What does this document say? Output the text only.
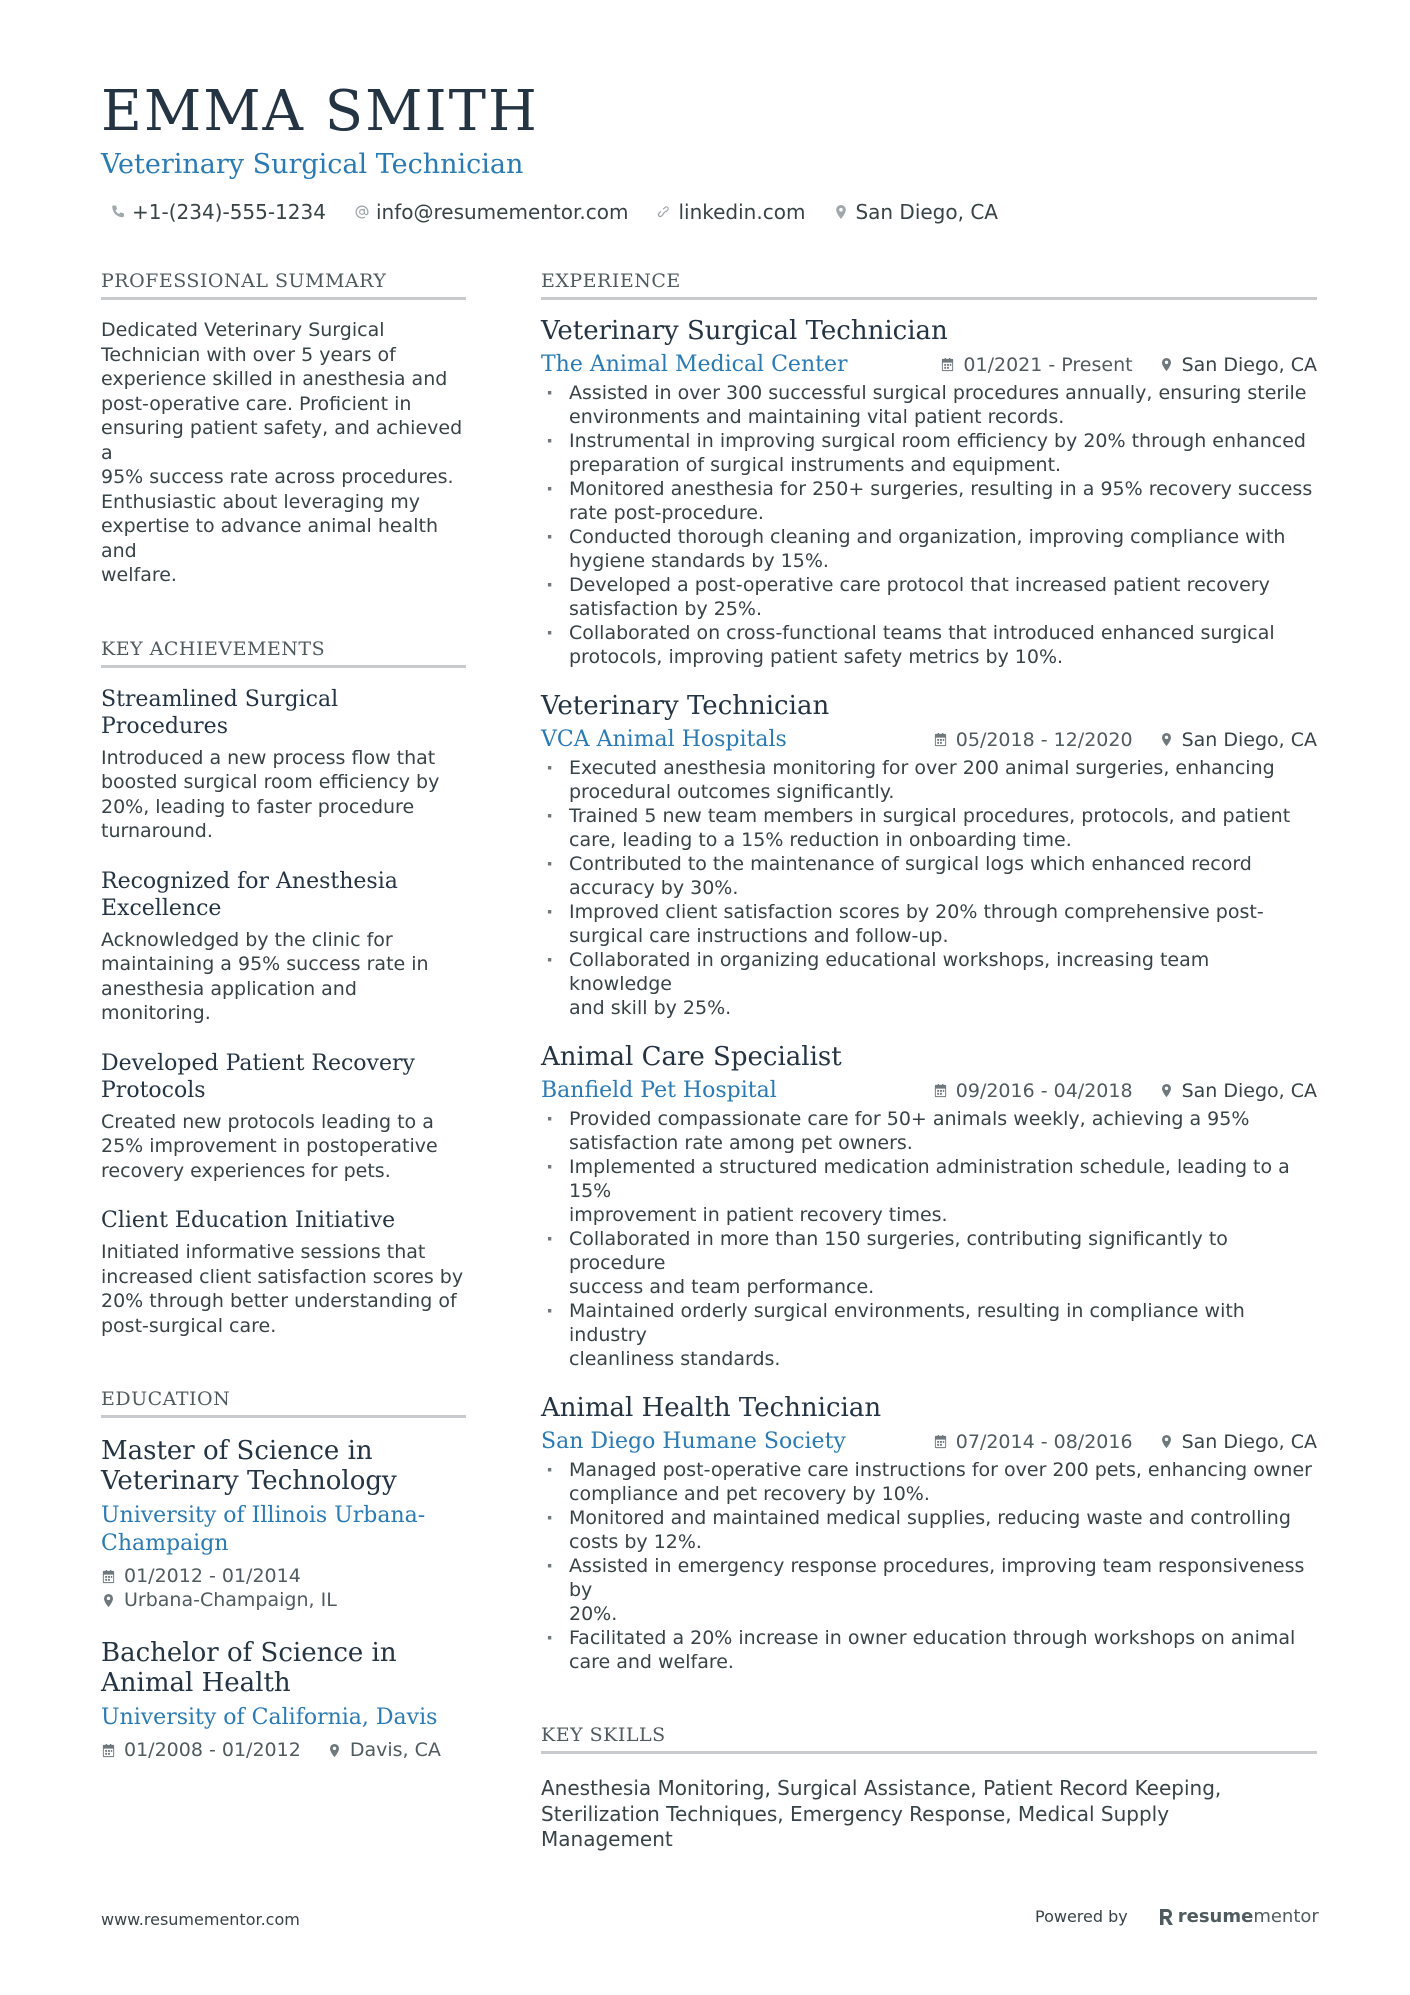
EMMA SMITH
Veterinary Surgical Technician
+1-(234)-555-1234	info@resumementor.com	linkedin.com	San Diego, CA
PROFESSIONAL SUMMARY
Dedicated Veterinary Surgical
Technician with over 5 years of
experience skilled in anesthesia and
post-operative care. Proficient in
ensuring patient safety, and achieved a
95% success rate across procedures.
Enthusiastic about leveraging my
expertise to advance animal health and
welfare.
KEY ACHIEVEMENTS
Streamlined Surgical Procedures
Introduced a new process flow that
boosted surgical room efficiency by
20%, leading to faster procedure
turnaround.
Recognized for Anesthesia
Excellence
Acknowledged by the clinic for
maintaining a 95% success rate in
anesthesia application and monitoring.
Developed Patient Recovery
Protocols
Created new protocols leading to a
25% improvement in postoperative
recovery experiences for pets.
Client Education Initiative
Initiated informative sessions that
increased client satisfaction scores by
20% through better understanding of
post-surgical care.
EDUCATION
Master of Science in
Veterinary Technology
University of Illinois Urbana-
Champaign
01/2012 - 01/2014
Urbana-Champaign, IL
Bachelor of Science in
Animal Health
University of California, Davis
01/2008 - 01/2012	Davis, CA
EXPERIENCE
Veterinary Surgical Technician
The Animal Medical Center	01/2021 - Present	San Diego, CA
· Assisted in over 300 successful surgical procedures annually, ensuring sterile
environments and maintaining vital patient records.
· Instrumental in improving surgical room efficiency by 20% through enhanced
preparation of surgical instruments and equipment.
· Monitored anesthesia for 250+ surgeries, resulting in a 95% recovery success
rate post-procedure.
· Conducted thorough cleaning and organization, improving compliance with
hygiene standards by 15%.
· Developed a post-operative care protocol that increased patient recovery
satisfaction by 25%.
· Collaborated on cross-functional teams that introduced enhanced surgical
protocols, improving patient safety metrics by 10%.
Veterinary Technician
VCA Animal Hospitals	05/2018 - 12/2020	San Diego, CA
· Executed anesthesia monitoring for over 200 animal surgeries, enhancing
procedural outcomes significantly.
· Trained 5 new team members in surgical procedures, protocols, and patient
care, leading to a 15% reduction in onboarding time.
· Contributed to the maintenance of surgical logs which enhanced record
accuracy by 30%.
· Improved client satisfaction scores by 20% through comprehensive post-
surgical care instructions and follow-up.
· Collaborated in organizing educational workshops, increasing team knowledge
and skill by 25%.
Animal Care Specialist
Banfield Pet Hospital	09/2016 - 04/2018	San Diego, CA
· Provided compassionate care for 50+ animals weekly, achieving a 95%
satisfaction rate among pet owners.
· Implemented a structured medication administration schedule, leading to a 15%
improvement in patient recovery times.
· Collaborated in more than 150 surgeries, contributing significantly to procedure
success and team performance.
· Maintained orderly surgical environments, resulting in compliance with industry
cleanliness standards.
Animal Health Technician
San Diego Humane Society	07/2014 - 08/2016	San Diego, CA
· Managed post-operative care instructions for over 200 pets, enhancing owner
compliance and pet recovery by 10%.
· Monitored and maintained medical supplies, reducing waste and controlling
costs by 12%.
· Assisted in emergency response procedures, improving team responsiveness by
20%.
· Facilitated a 20% increase in owner education through workshops on animal
care and welfare.
KEY SKILLS
Anesthesia Monitoring, Surgical Assistance, Patient Record Keeping,
Sterilization Techniques, Emergency Response, Medical Supply
Management
www.resumementor.com	Powered by	resume mentor
